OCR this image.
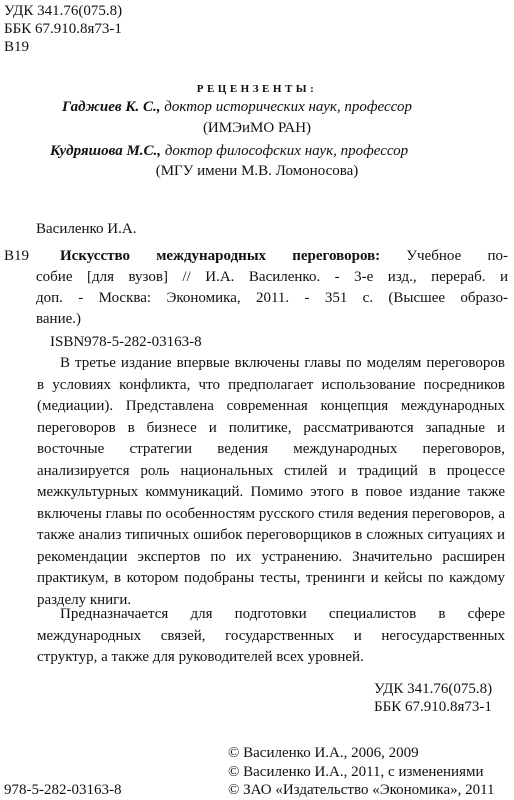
УДК 341.76(075.8)
ББК 67.910.8я73-1
В19
РЕЦЕНЗЕНТЫ:
Гаджиев К. С., доктор исторических наук, профессор
(ИМЭиМО РАН)
Кудряшова М.С., доктор философских наук, профессор
(МГУ имени М.В. Ломоносова)
Василенко И.А.
В19 Искусство международных переговоров: Учебное по-
собие [для вузов] // И.А. Василенко. - 3-е изд., перераб. и
доп. - Москва: Экономика, 2011. - 351 с. (Высшее образо-
вание.)
ISBN978-5-282-03163-8
В третье издание впервые включены главы по моделям переговоров в условиях конфликта, что предполагает использование посредников (медиации). Представлена современная концепция международных переговоров в бизнесе и политике, рассматриваются западные и восточные стратегии ведения международных переговоров, анализируется роль национальных стилей и традиций в процессе межкультурных коммуникаций. Помимо этого в повое издание также включены главы по особенностям русского стиля ведения переговоров, а также анализ типичных ошибок переговорщиков в сложных ситуациях и рекомендации экспертов по их устранению. Значительно расширен практикум, в котором подобраны тесты, тренинги и кейсы по каждому разделу книги.
Предназначается для подготовки специалистов в сфере международных связей, государственных и негосударственных структур, а также для руководителей всех уровней.
УДК 341.76(075.8)
ББК 67.910.8я73-1
© Василенко И.А., 2006, 2009
© Василенко И.А., 2011, с изменениями
© ЗАО «Издательство «Экономика», 2011
978-5-282-03163-8
